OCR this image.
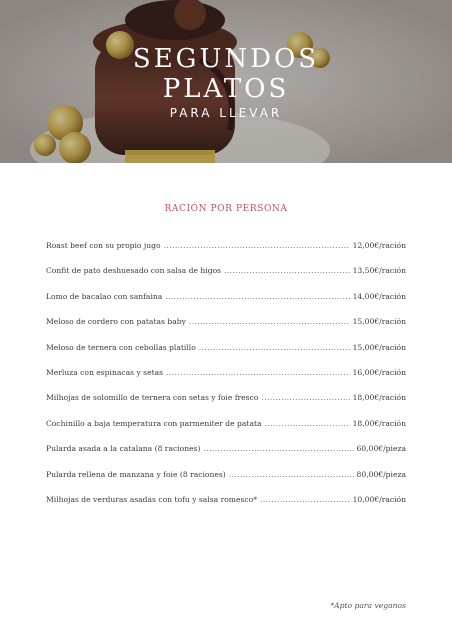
SEGUNDOS
PLATOS
PARA LLEVAR
RACIÓN POR PERSONA
Roast beef con su propio jugo .....	12,00€/ración
Confit de pato deshuesado con salsa de higos .....	13,50€/ración
Lomo de bacalao con sanfaina .....	14,00€/ración
Meloso de cordero con patatas baby .....	15,00€/ración
Meloso de ternera con cebollas platillo .....	15,00€/ración
Merluza con espinacas y setas .....	16,00€/ración
Milhojas de solomillo de ternera con setas y foie fresco .....	18,00€/ración
Cochinillo a baja temperatura con parmeniter de patata .....	18,00€/ración
Pularda asada a la catalana (8 raciones) .....	60,00€/pieza
Pularda rellena de manzana y foie (8 raciones) .....	80,00€/pieza
Milhojas de verduras asadas con tofu y salsa romesco* .....	10,00€/ración
*Apto para veganos
